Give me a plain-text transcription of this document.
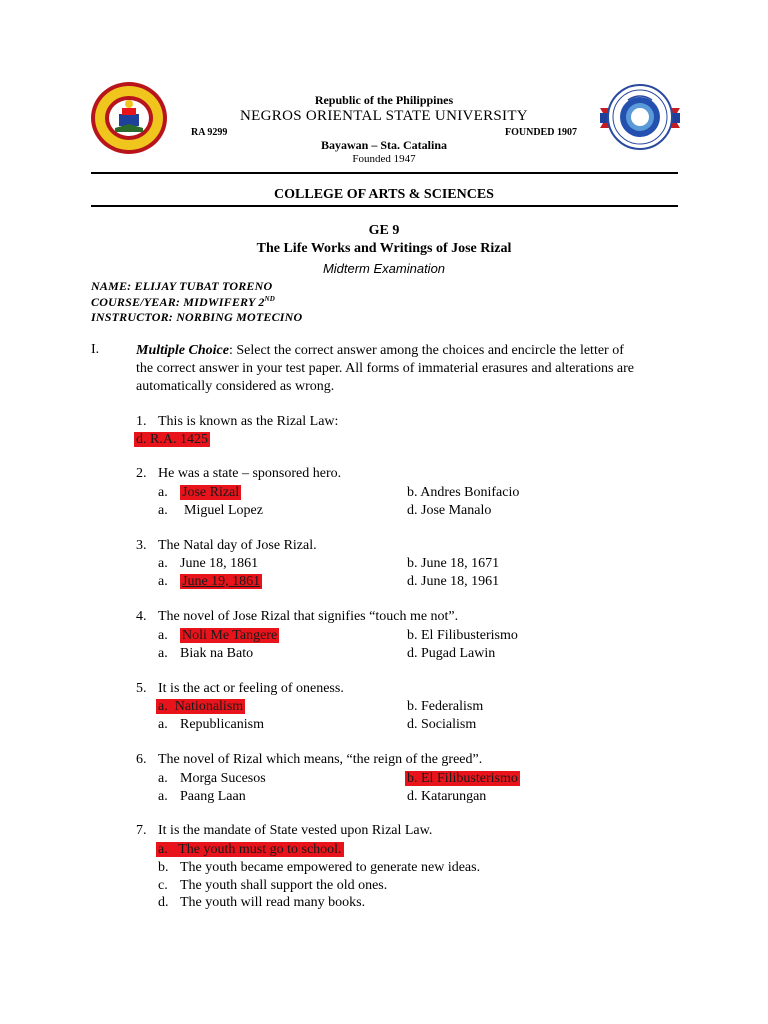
Republic of the Philippines
NEGROS ORIENTAL STATE UNIVERSITY
RA 9299	FOUNDED 1907
Bayawan – Sta. Catalina
Founded 1947
COLLEGE OF ARTS & SCIENCES
GE 9
The Life Works and Writings of Jose Rizal
Midterm Examination
NAME: ELIJAY TUBAT TORENO
COURSE/YEAR: MIDWIFERY 2ND
INSTRUCTOR: NORBING MOTECINO
I.	Multiple Choice: Select the correct answer among the choices and encircle the letter of
the correct answer in your test paper. All forms of immaterial erasures and alterations are
automatically considered as wrong.
1. This is known as the Rizal Law:
d. R.A. 1425
2. He was a state – sponsored hero.
a. Jose Rizal	b. Andres Bonifacio
a. Miguel Lopez	d. Jose Manalo
3. The Natal day of Jose Rizal.
a. June 18, 1861	b. June 18, 1671
a. June 19, 1861	d. June 18, 1961
4. The novel of Jose Rizal that signifies “touch me not”.
a. Noli Me Tangere	b. El Filibusterismo
a. Biak na Bato	d. Pugad Lawin
5. It is the act or feeling of oneness.
a. Nationalism	b. Federalism
a. Republicanism	d. Socialism
6. The novel of Rizal which means, “the reign of the greed”.
a. Morga Sucesos	b. El Filibusterismo
a. Paang Laan	d. Katarungan
7. It is the mandate of State vested upon Rizal Law.
a. The youth must go to school.
b. The youth became empowered to generate new ideas.
c. The youth shall support the old ones.
d. The youth will read many books.
